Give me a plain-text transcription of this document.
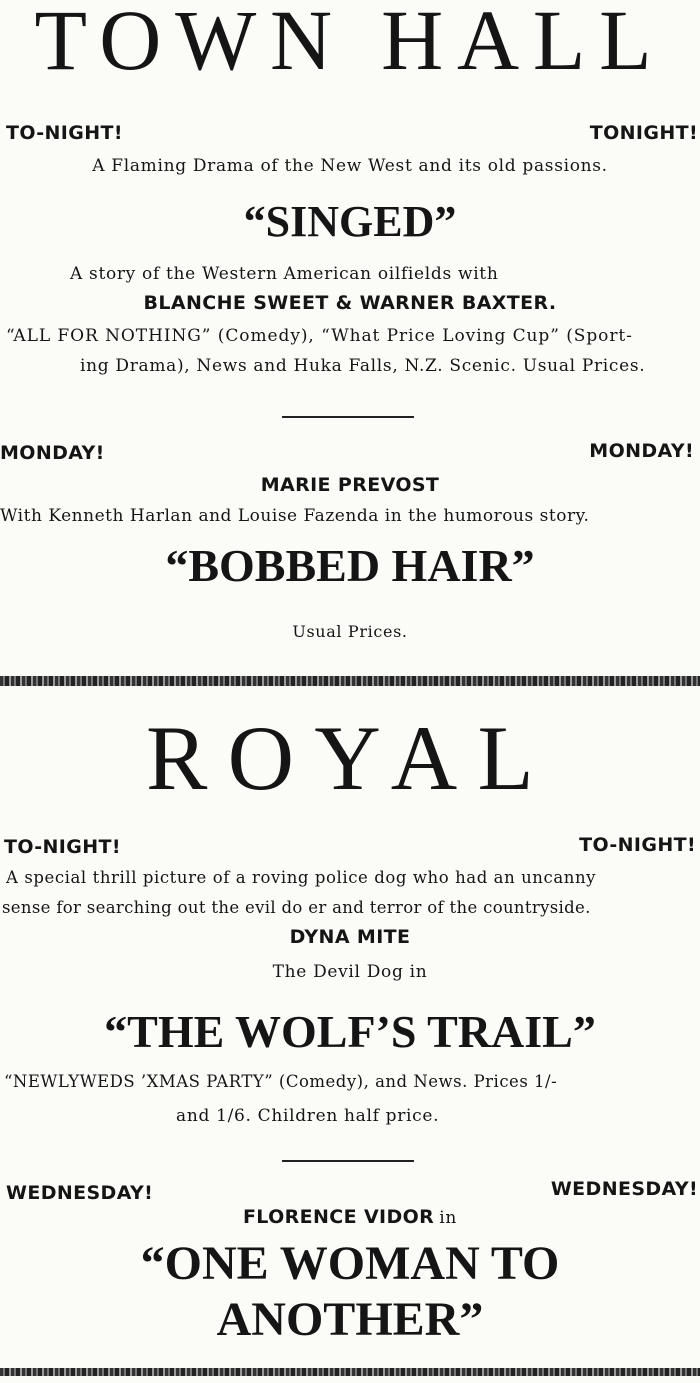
TOWN HALL
TO-NIGHT!	TONIGHT!
A Flaming Drama of the New West and its old passions.
“SINGED”
A story of the Western American oilfields with
BLANCHE SWEET & WARNER BAXTER.
“ALL FOR NOTHING” (Comedy), “What Price Loving Cup” (Sport-
ing Drama), News and Huka Falls, N.Z. Scenic. Usual Prices.
MONDAY!	MONDAY!
MARIE PREVOST
With Kenneth Harlan and Louise Fazenda in the humorous story.
“BOBBED HAIR”
Usual Prices.
ROYAL
TO-NIGHT!	TO-NIGHT!
A special thrill picture of a roving police dog who had an uncanny
sense for searching out the evil do er and terror of the countryside.
DYNA MITE
The Devil Dog in
“THE WOLF’S TRAIL”
“NEWLYWEDS ’XMAS PARTY” (Comedy), and News. Prices 1/-
and 1/6. Children half price.
WEDNESDAY!	WEDNESDAY!
FLORENCE VIDOR in
“ONE WOMAN TO
ANOTHER”
